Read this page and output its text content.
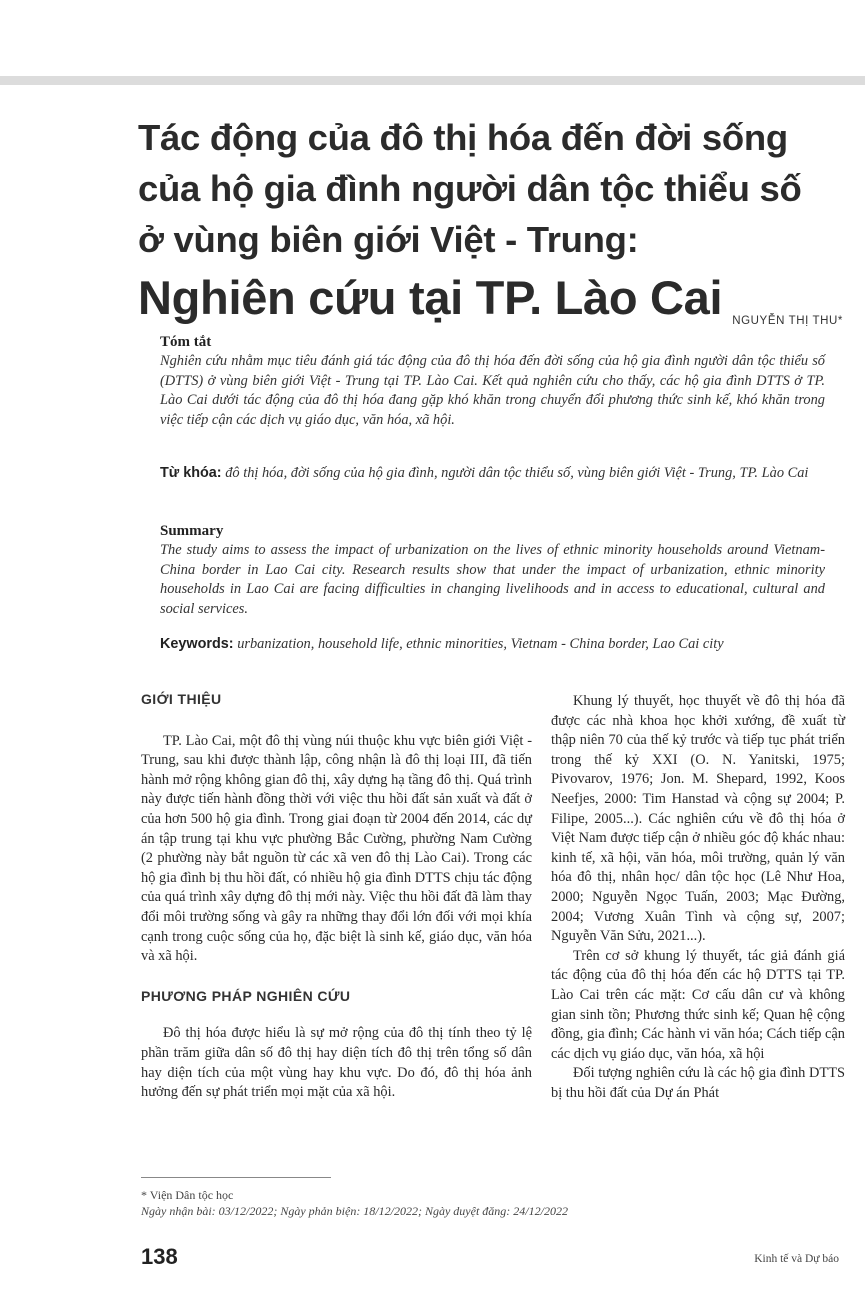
Tác động của đô thị hóa đến đời sống
của hộ gia đình người dân tộc thiểu số
ở vùng biên giới Việt - Trung:
Nghiên cứu tại TP. Lào Cai NGUYỄN THỊ THU*
Tóm tắt
Nghiên cứu nhằm mục tiêu đánh giá tác động của đô thị hóa đến đời sống của hộ gia đình người dân tộc thiểu số (DTTS) ở vùng biên giới Việt - Trung tại TP. Lào Cai. Kết quả nghiên cứu cho thấy, các hộ gia đình DTTS ở TP. Lào Cai dưới tác động của đô thị hóa đang gặp khó khăn trong chuyển đổi phương thức sinh kế, khó khăn trong việc tiếp cận các dịch vụ giáo dục, văn hóa, xã hội.
Từ khóa: đô thị hóa, đời sống của hộ gia đình, người dân tộc thiểu số, vùng biên giới Việt - Trung, TP. Lào Cai
Summary
The study aims to assess the impact of urbanization on the lives of ethnic minority households around Vietnam-China border in Lao Cai city. Research results show that under the impact of urbanization, ethnic minority households in Lao Cai are facing difficulties in changing livelihoods and in access to educational, cultural and social services.
Keywords: urbanization, household life, ethnic minorities, Vietnam - China border, Lao Cai city
GIỚI THIỆU

TP. Lào Cai, một đô thị vùng núi thuộc khu vực biên giới Việt - Trung, sau khi được thành lập, công nhận là đô thị loại III, đã tiến hành mở rộng không gian đô thị, xây dựng hạ tầng đô thị. Quá trình này được tiến hành đồng thời với việc thu hồi đất sản xuất và đất ở của hơn 500 hộ gia đình. Trong giai đoạn từ 2004 đến 2014, các dự án tập trung tại khu vực phường Bắc Cường, phường Nam Cường (2 phường này bắt nguồn từ các xã ven đô thị Lào Cai). Trong các hộ gia đình bị thu hồi đất, có nhiều hộ gia đình DTTS chịu tác động của quá trình xây dựng đô thị mới này. Việc thu hồi đất đã làm thay đổi môi trường sống và gây ra những thay đổi lớn đối với mọi khía cạnh trong cuộc sống của họ, đặc biệt là sinh kế, giáo dục, văn hóa và xã hội.

PHƯƠNG PHÁP NGHIÊN CỨU

Đô thị hóa được hiểu là sự mở rộng của đô thị tính theo tỷ lệ phần trăm giữa dân số đô thị hay diện tích đô thị trên tổng số dân hay diện tích của một vùng hay khu vực. Do đó, đô thị hóa ảnh hưởng đến sự phát triển mọi mặt của xã hội.

Khung lý thuyết, học thuyết về đô thị hóa đã được các nhà khoa học khởi xướng, đề xuất từ thập niên 70 của thế kỷ trước và tiếp tục phát triển trong thế kỷ XXI (O. N. Yanitski, 1975; Pivovarov, 1976; Jon. M. Shepard, 1992, Koos Neefjes, 2000: Tim Hanstad và cộng sự 2004; P. Filipe, 2005...). Các nghiên cứu về đô thị hóa ở Việt Nam được tiếp cận ở nhiều góc độ khác nhau: kinh tế, xã hội, văn hóa, môi trường, quản lý văn hóa đô thị, nhân học/ dân tộc học (Lê Như Hoa, 2000; Nguyễn Ngọc Tuấn, 2003; Mạc Đường, 2004; Vương Xuân Tình và cộng sự, 2007; Nguyễn Văn Sửu, 2021...).

Trên cơ sở khung lý thuyết, tác giả đánh giá tác động của đô thị hóa đến các hộ DTTS tại TP. Lào Cai trên các mặt: Cơ cấu dân cư và không gian sinh tồn; Phương thức sinh kế; Quan hệ cộng đồng, gia đình; Các hành vi văn hóa; Cách tiếp cận các dịch vụ giáo dục, văn hóa, xã hội

Đối tượng nghiên cứu là các hộ gia đình DTTS bị thu hồi đất của Dự án Phát

* Viện Dân tộc học
Ngày nhận bài: 03/12/2022; Ngày phản biện: 18/12/2022; Ngày duyệt đăng: 24/12/2022
138	Kinh tế và Dự báo
